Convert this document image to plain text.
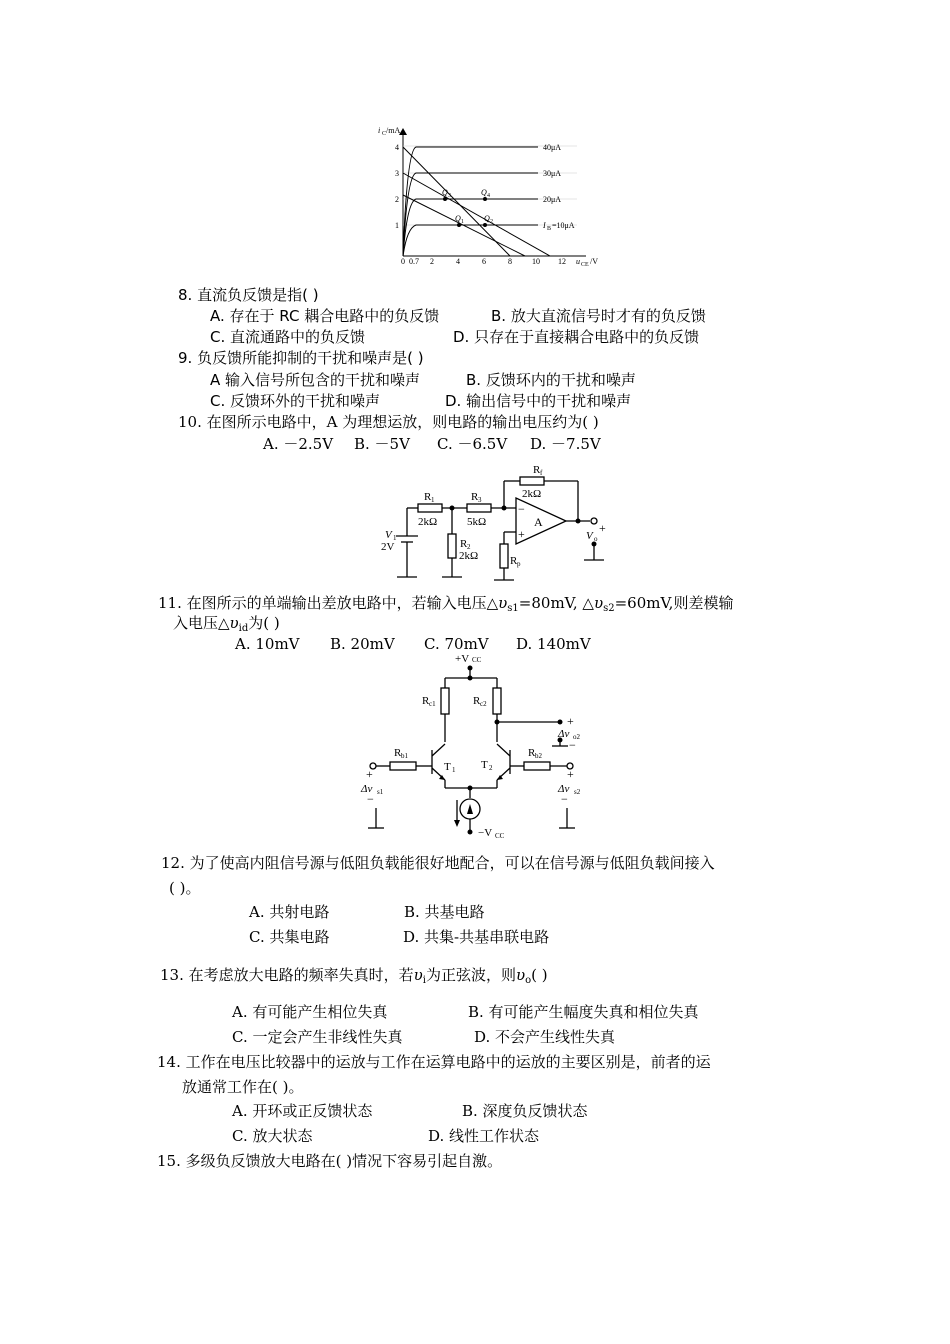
i C /mA
4
3
2
1
0 0.7 2	4	6	8	10 12 u CE /V
40μA
30μA
20μA
I B =10μA
Q 3	Q 4
Q 1	Q 2
8. 直流负反馈是指( )
A. 存在于 RC 耦合电路中的负反馈	B. 放大直流信号时才有的负反馈
C. 直流通路中的负反馈	D. 只存在于直接耦合电路中的负反馈
9. 负反馈所能抑制的干扰和噪声是( )
A 输入信号所包含的干扰和噪声	B. 反馈环内的干扰和噪声
C. 反馈环外的干扰和噪声	D. 输出信号中的干扰和噪声
10. 在图所示电路中，A 为理想运放，则电路的输出电压约为( )
A. －2.5V B. －5V C. －6.5V D. －7.5V
R f
2kΩ
R 1
2kΩ
R 3
5kΩ
R 2
2kΩ	R p
V 1
2V
A
−
+	V o
+
11. 在图所示的单端输出差放电路中，若输入电压$\triangle\upsilon_{s1}=80mV$, $\triangle\upsilon_{s2}=60mV$,则差模输
入电压$\triangle\upsilon_{id}$为( )
A. 10mV B. 20mV C. 70mV D. 140mV
+V CC
R c1	R c2
R b1	R b2
T 1 T 2
+
Δv s1
−
+
Δv s2
−
+
Δv o2
−
−V CC
12. 为了使高内阻信号源与低阻负载能很好地配合，可以在信号源与低阻负载间接入
( )。
A. 共射电路	B. 共基电路
C. 共集电路	D. 共集-共基串联电路
13. 在考虑放大电路的频率失真时，若$\upsilon_i$为正弦波，则$\upsilon_o$( )
A. 有可能产生相位失真	B. 有可能产生幅度失真和相位失真
C. 一定会产生非线性失真	D. 不会产生线性失真
14. 工作在电压比较器中的运放与工作在运算电路中的运放的主要区别是，前者的运
放通常工作在( )。
A. 开环或正反馈状态	B. 深度负反馈状态
C. 放大状态	D. 线性工作状态
15. 多级负反馈放大电路在( )情况下容易引起自激。
